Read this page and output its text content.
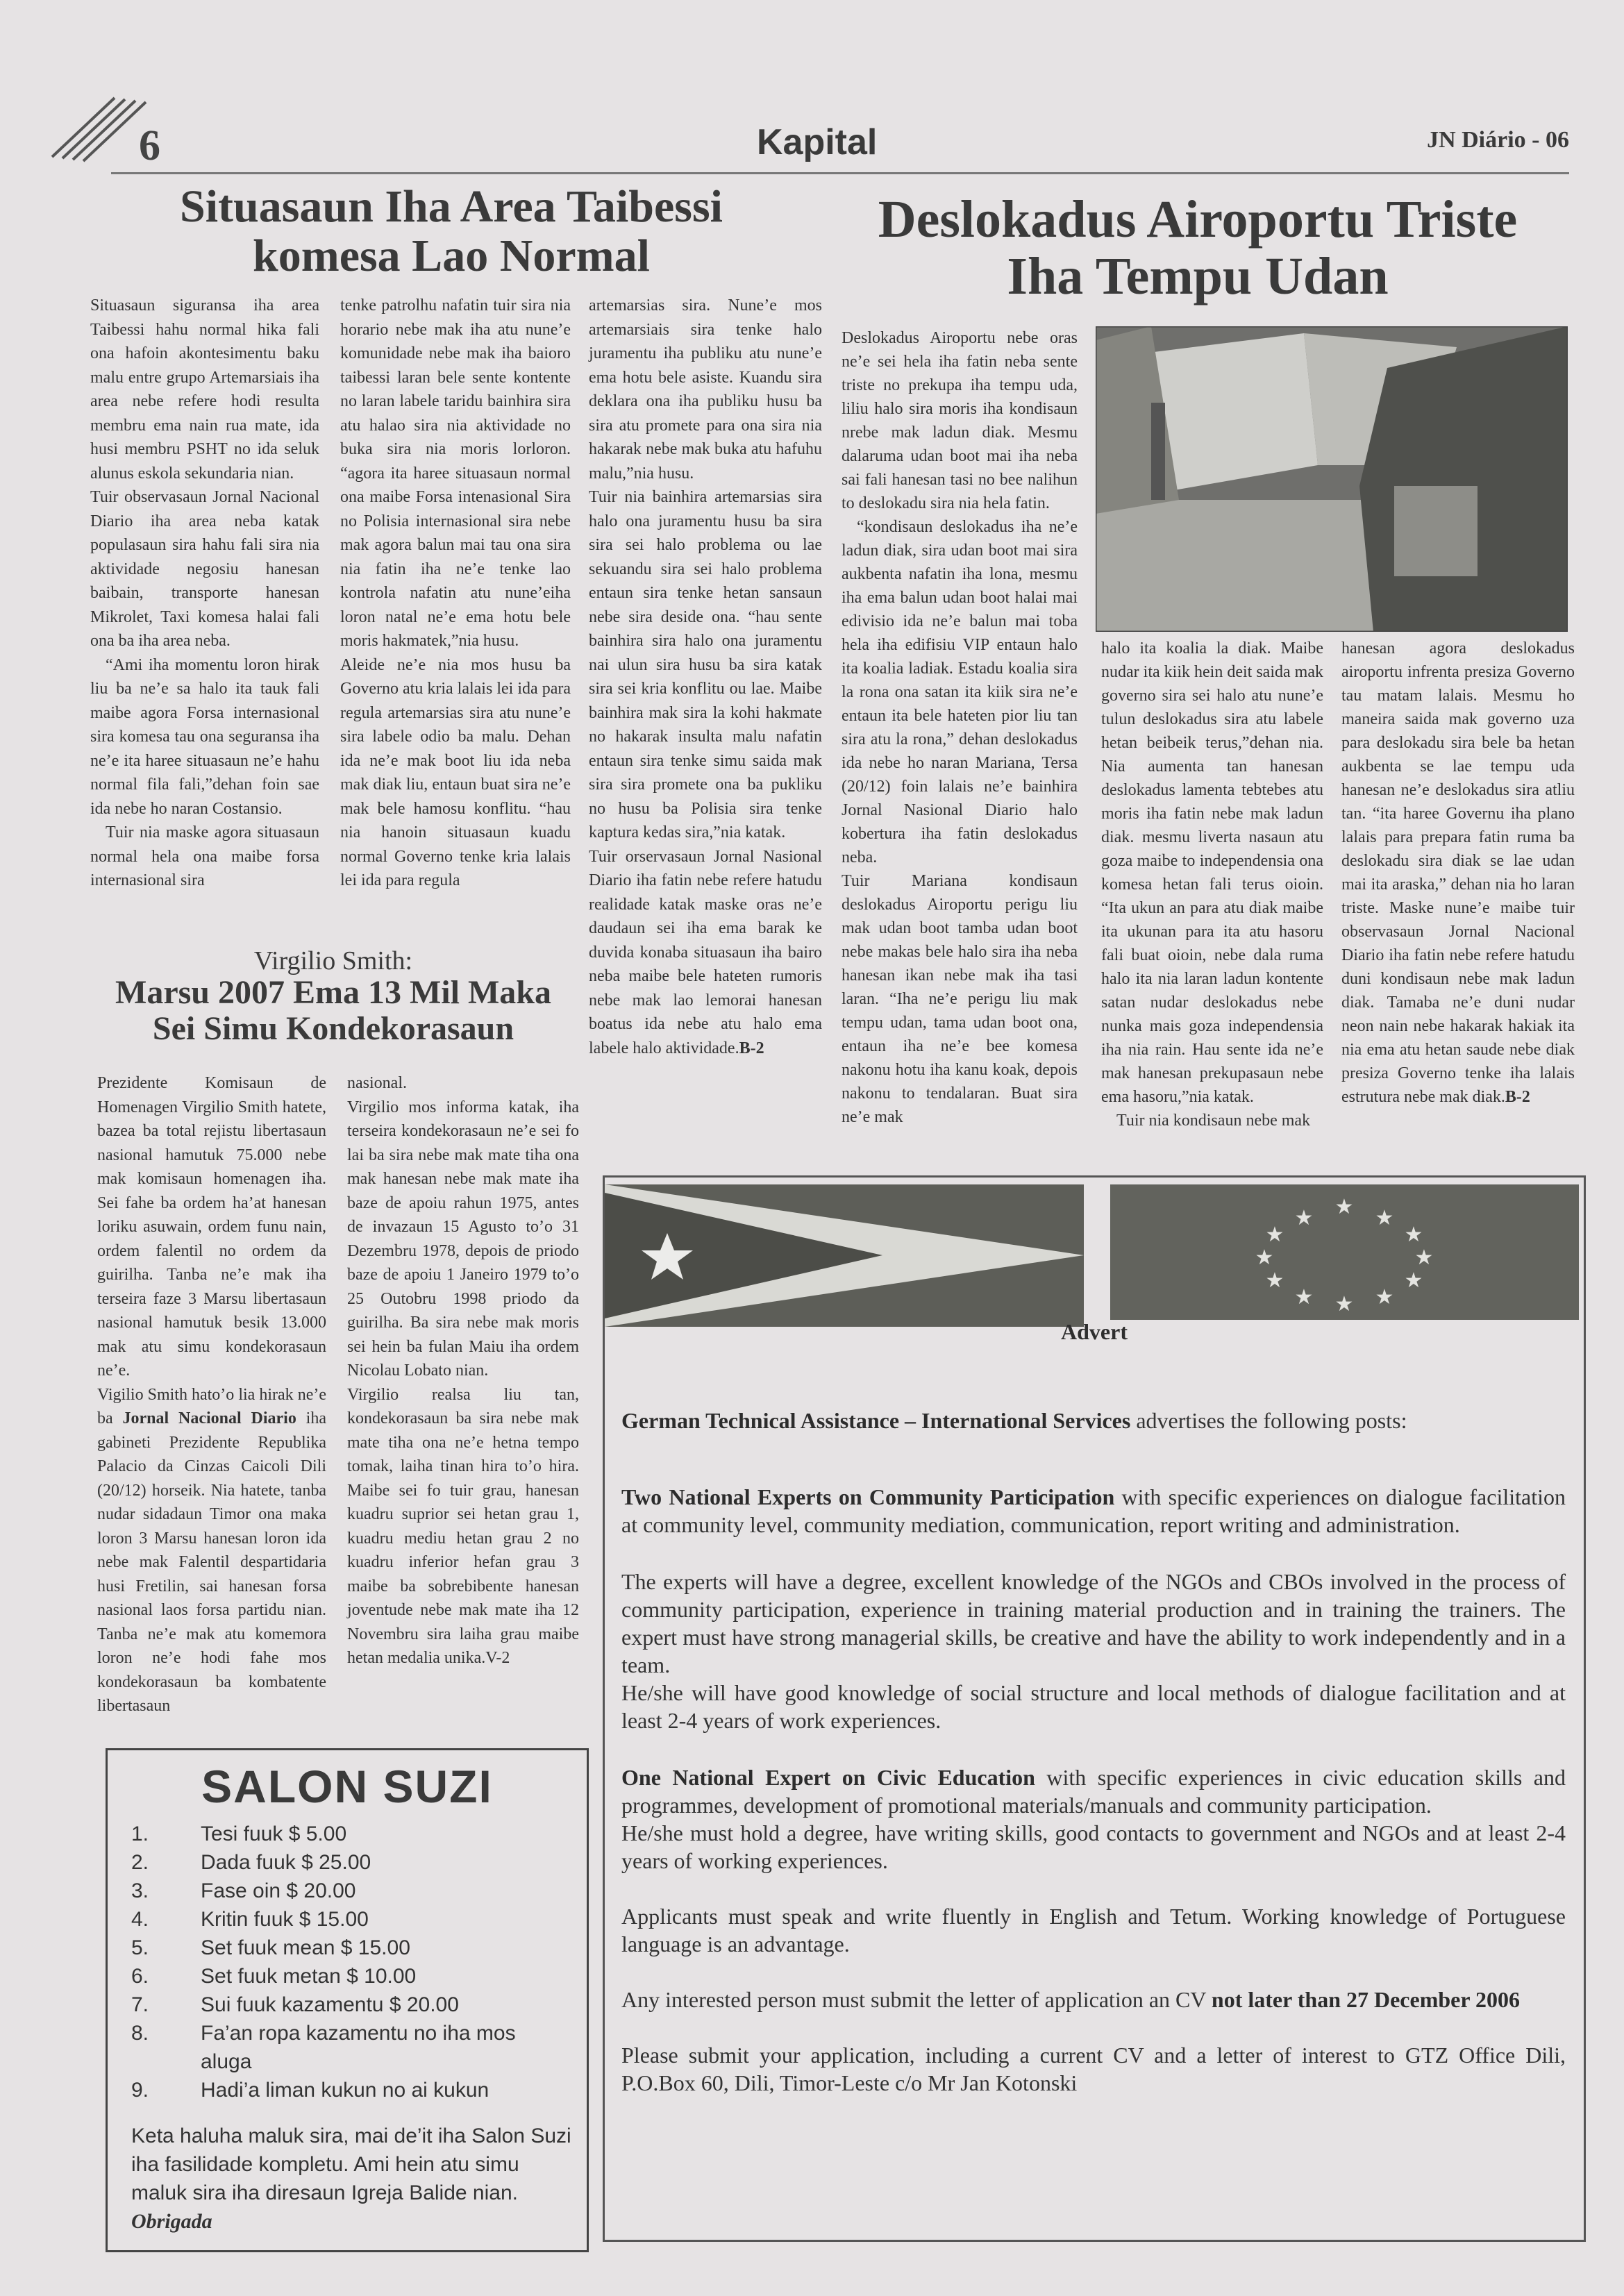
6	Kapital	JN Diário - 06
Situasaun Iha Area Taibessi komesa Lao Normal

Situasaun siguransa iha area Taibessi hahu normal hika fali ona hafoin akontesimentu baku malu entre grupo Artemarsiais iha area nebe refere hodi resulta membru ema nain rua mate, ida husi membru PSHT no ida seluk alunus eskola sekundaria nian.

Tuir observasaun Jornal Nacional Diario iha area neba katak populasaun sira hahu fali sira nia aktividade negosiu hanesan baibain, transporte hanesan Mikrolet, Taxi komesa halai fali ona ba iha area neba.

“Ami iha momentu loron hirak liu ba ne’e sa halo ita tauk fali maibe agora Forsa internasional sira komesa tau ona seguransa iha ne’e ita haree situasaun ne’e hahu normal fila fali,”dehan foin sae ida nebe ho naran Costansio.

Tuir nia maske agora situasaun normal hela ona maibe forsa internasional sira

tenke patrolhu nafatin tuir sira nia horario nebe mak iha atu nune’e komunidade nebe mak iha baioro taibessi laran bele sente kontente no laran labele taridu bainhira sira atu halao sira nia aktividade no buka sira nia moris lorloron. “agora ita haree situasaun normal ona maibe Forsa intenasional Sira no Polisia internasional sira nebe mak agora balun mai tau ona sira nia fatin iha ne’e tenke lao kontrola nafatin atu nune’eiha loron natal ne’e ema hotu bele moris hakmatek,”nia husu.

Aleide ne’e nia mos husu ba Governo atu kria lalais lei ida para regula artemarsias sira atu nune’e sira labele odio ba malu. Dehan ida ne’e mak boot liu ida neba mak diak liu, entaun buat sira ne’e mak bele hamosu konflitu. “hau nia hanoin situasaun kuadu normal Governo tenke kria lalais lei ida para regula

artemarsias sira. Nune’e mos artemarsiais sira tenke halo juramentu iha publiku atu nune’e ema hotu bele asiste. Kuandu sira deklara ona iha publiku husu ba sira atu promete para ona sira nia hakarak nebe mak buka atu hafuhu malu,”nia husu.

Tuir nia bainhira artemarsias sira halo ona juramentu husu ba sira sira sei halo problema ou lae sekuandu sira sei halo problema entaun sira tenke hetan sansaun nebe sira deside ona. “hau sente bainhira sira halo ona juramentu nai ulun sira husu ba sira katak sira sei kria konflitu ou lae. Maibe bainhira mak sira la kohi hakmate no hakarak insulta malu nafatin entaun sira tenke simu saida mak sira sira promete ona ba pukliku no husu ba Polisia sira tenke kaptura kedas sira,”nia katak.

Tuir orservasaun Jornal Nasional Diario iha fatin nebe refere hatudu realidade katak maske oras ne’e daudaun sei iha ema barak ke duvida konaba situasaun iha bairo neba maibe bele hateten rumoris nebe mak lao lemorai hanesan boatus ida nebe atu halo ema labele halo aktividade.B-2

Virgilio Smith:
Marsu 2007 Ema 13 Mil Maka Sei Simu Kondekorasaun

Prezidente Komisaun de Homenagen Virgilio Smith hatete, bazea ba total rejistu libertasaun nasional hamutuk 75.000 nebe mak komisaun homenagen iha. Sei fahe ba ordem ha’at hanesan loriku asuwain, ordem funu nain, ordem falentil no ordem da guirilha. Tanba ne’e mak iha terseira faze 3 Marsu libertasaun nasional hamutuk besik 13.000 mak atu simu kondekorasaun ne’e.

Vigilio Smith hato’o lia hirak ne’e ba Jornal Nacional Diario iha gabineti Prezidente Republika Palacio da Cinzas Caicoli Dili (20/12) horseik. Nia hatete, tanba nudar sidadaun Timor ona maka loron 3 Marsu hanesan loron ida nebe mak Falentil despartidaria husi Fretilin, sai hanesan forsa nasional laos forsa partidu nian. Tanba ne’e mak atu komemora loron ne’e hodi fahe mos kondekorasaun ba kombatente libertasaun

nasional.

Virgilio mos informa katak, iha terseira kondekorasaun ne’e sei fo lai ba sira nebe mak mate tiha ona mak hanesan nebe mak mate iha baze de apoiu rahun 1975, antes de invazaun 15 Agusto to’o 31 Dezembru 1978, depois de priodo baze de apoiu 1 Janeiro 1979 to’o 25 Outobru 1998 priodo da guirilha. Ba sira nebe mak moris sei hein ba fulan Maiu iha ordem Nicolau Lobato nian.

Virgilio realsa liu tan, kondekorasaun ba sira nebe mak mate tiha ona ne’e hetna tempo tomak, laiha tinan hira to’o hira. Maibe sei fo tuir grau, hanesan kuadru suprior sei hetan grau 1, kuadru mediu hetan grau 2 no kuadru inferior hefan grau 3 maibe ba sobrebibente hanesan joventude nebe mak mate iha 12 Novembru sira laiha grau maibe hetan medalia unika.V-2

Deslokadus Airoportu Triste Iha Tempu Udan

Deslokadus Airoportu nebe oras ne’e sei hela iha fatin neba sente triste no prekupa iha tempu uda, liliu halo sira moris iha kondisaun nrebe mak ladun diak. Mesmu dalaruma udan boot mai iha neba sai fali hanesan tasi no bee nalihun to deslokadu sira nia hela fatin.

“kondisaun deslokadus iha ne’e ladun diak, sira udan boot mai sira aukbenta nafatin iha lona, mesmu iha ema balun udan boot halai mai edivisio ida ne’e balun mai toba hela iha edifisiu VIP entaun halo ita koalia ladiak. Estadu koalia sira la rona ona satan ita kiik sira ne’e entaun ita bele hateten pior liu tan sira atu la rona,” dehan deslokadus ida nebe ho naran Mariana, Tersa (20/12) foin lalais ne’e bainhira Jornal Nasional Diario halo kobertura iha fatin deslokadus neba.

Tuir Mariana kondisaun deslokadus Airoportu perigu liu mak udan boot tamba udan boot nebe makas bele halo sira iha neba hanesan ikan nebe mak iha tasi laran. “Iha ne’e perigu liu mak tempu udan, tama udan boot ona, entaun iha ne’e bee komesa nakonu hotu iha kanu koak, depois nakonu to tendalaran. Buat sira ne’e mak

halo ita koalia la diak. Maibe nudar ita kiik hein deit saida mak governo sira sei halo atu nune’e tulun deslokadus sira atu labele hetan beibeik terus,”dehan nia. Nia aumenta tan hanesan deslokadus lamenta tebtebes atu moris iha fatin nebe mak ladun diak. mesmu liverta nasaun atu goza maibe to independensia ona komesa hetan fali terus oioin. “Ita ukun an para atu diak maibe ita ukunan para ita atu hasoru fali buat oioin, nebe dala ruma halo ita nia laran ladun kontente satan nudar deslokadus nebe nunka mais goza independensia iha nia rain. Hau sente ida ne’e mak hanesan prekupasaun nebe ema hasoru,”nia katak.

Tuir nia kondisaun nebe mak

hanesan agora deslokadus airoportu infrenta presiza Governo tau matam lalais. Mesmu ho maneira saida mak governo uza para deslokadu sira bele ba hetan aukbenta se lae tempu uda hanesan ne’e deslokadus sira atliu tan. “ita haree Governu iha plano lalais para prepara fatin ruma ba deslokadu sira diak se lae udan mai ita araska,” dehan nia ho laran triste. Maske nune’e maibe tuir observasaun Jornal Nacional Diario iha fatin nebe refere hatudu duni kondisaun nebe mak ladun diak. Tamaba ne’e duni nudar neon nain nebe hakarak hakiak ita nia ema atu hetan saude nebe diak presiza Governo tenke iha lalais estrutura nebe mak diak.B-2

SALON SUZI
1.	Tesi fuuk $ 5.00
2.	Dada fuuk $ 25.00
3.	Fase oin $ 20.00
4.	Kritin fuuk $ 15.00
5.	Set fuuk mean $ 15.00
6.	Set fuuk metan $ 10.00
7.	Sui fuuk kazamentu $ 20.00
8.	Fa’an ropa kazamentu no iha mos aluga
9.	Hadi’a liman kukun no ai kukun
Keta haluha maluk sira, mai de’it iha Salon Suzi iha fasilidade kompletu. Ami hein atu simu maluk sira iha diresaun Igreja Balide nian. Obrigada
★ ★
★
★
★
★
★
★
★
★
★
★
Advert

German Technical Assistance – International Services advertises the following posts:

Two National Experts on Community Participation with specific experiences on dialogue facilitation at community level, community mediation, communication, report writing and administration.

The experts will have a degree, excellent knowledge of the NGOs and CBOs involved in the process of community participation, experience in training material production and in training the trainers. The expert must have strong managerial skills, be creative and have the ability to work independently and in a team.

He/she will have good knowledge of social structure and local methods of dialogue facilitation and at least 2-4 years of work experiences.

One National Expert on Civic Education with specific experiences in civic education skills and programmes, development of promotional materials/manuals and community participation.

He/she must hold a degree, have writing skills, good contacts to government and NGOs and at least 2-4 years of working experiences.

Applicants must speak and write fluently in English and Tetum. Working knowledge of Portuguese language is an advantage.

Any interested person must submit the letter of application an CV not later than 27 December 2006

Please submit your application, including a current CV and a letter of interest to GTZ Office Dili, P.O.Box 60, Dili, Timor-Leste c/o Mr Jan Kotonski
